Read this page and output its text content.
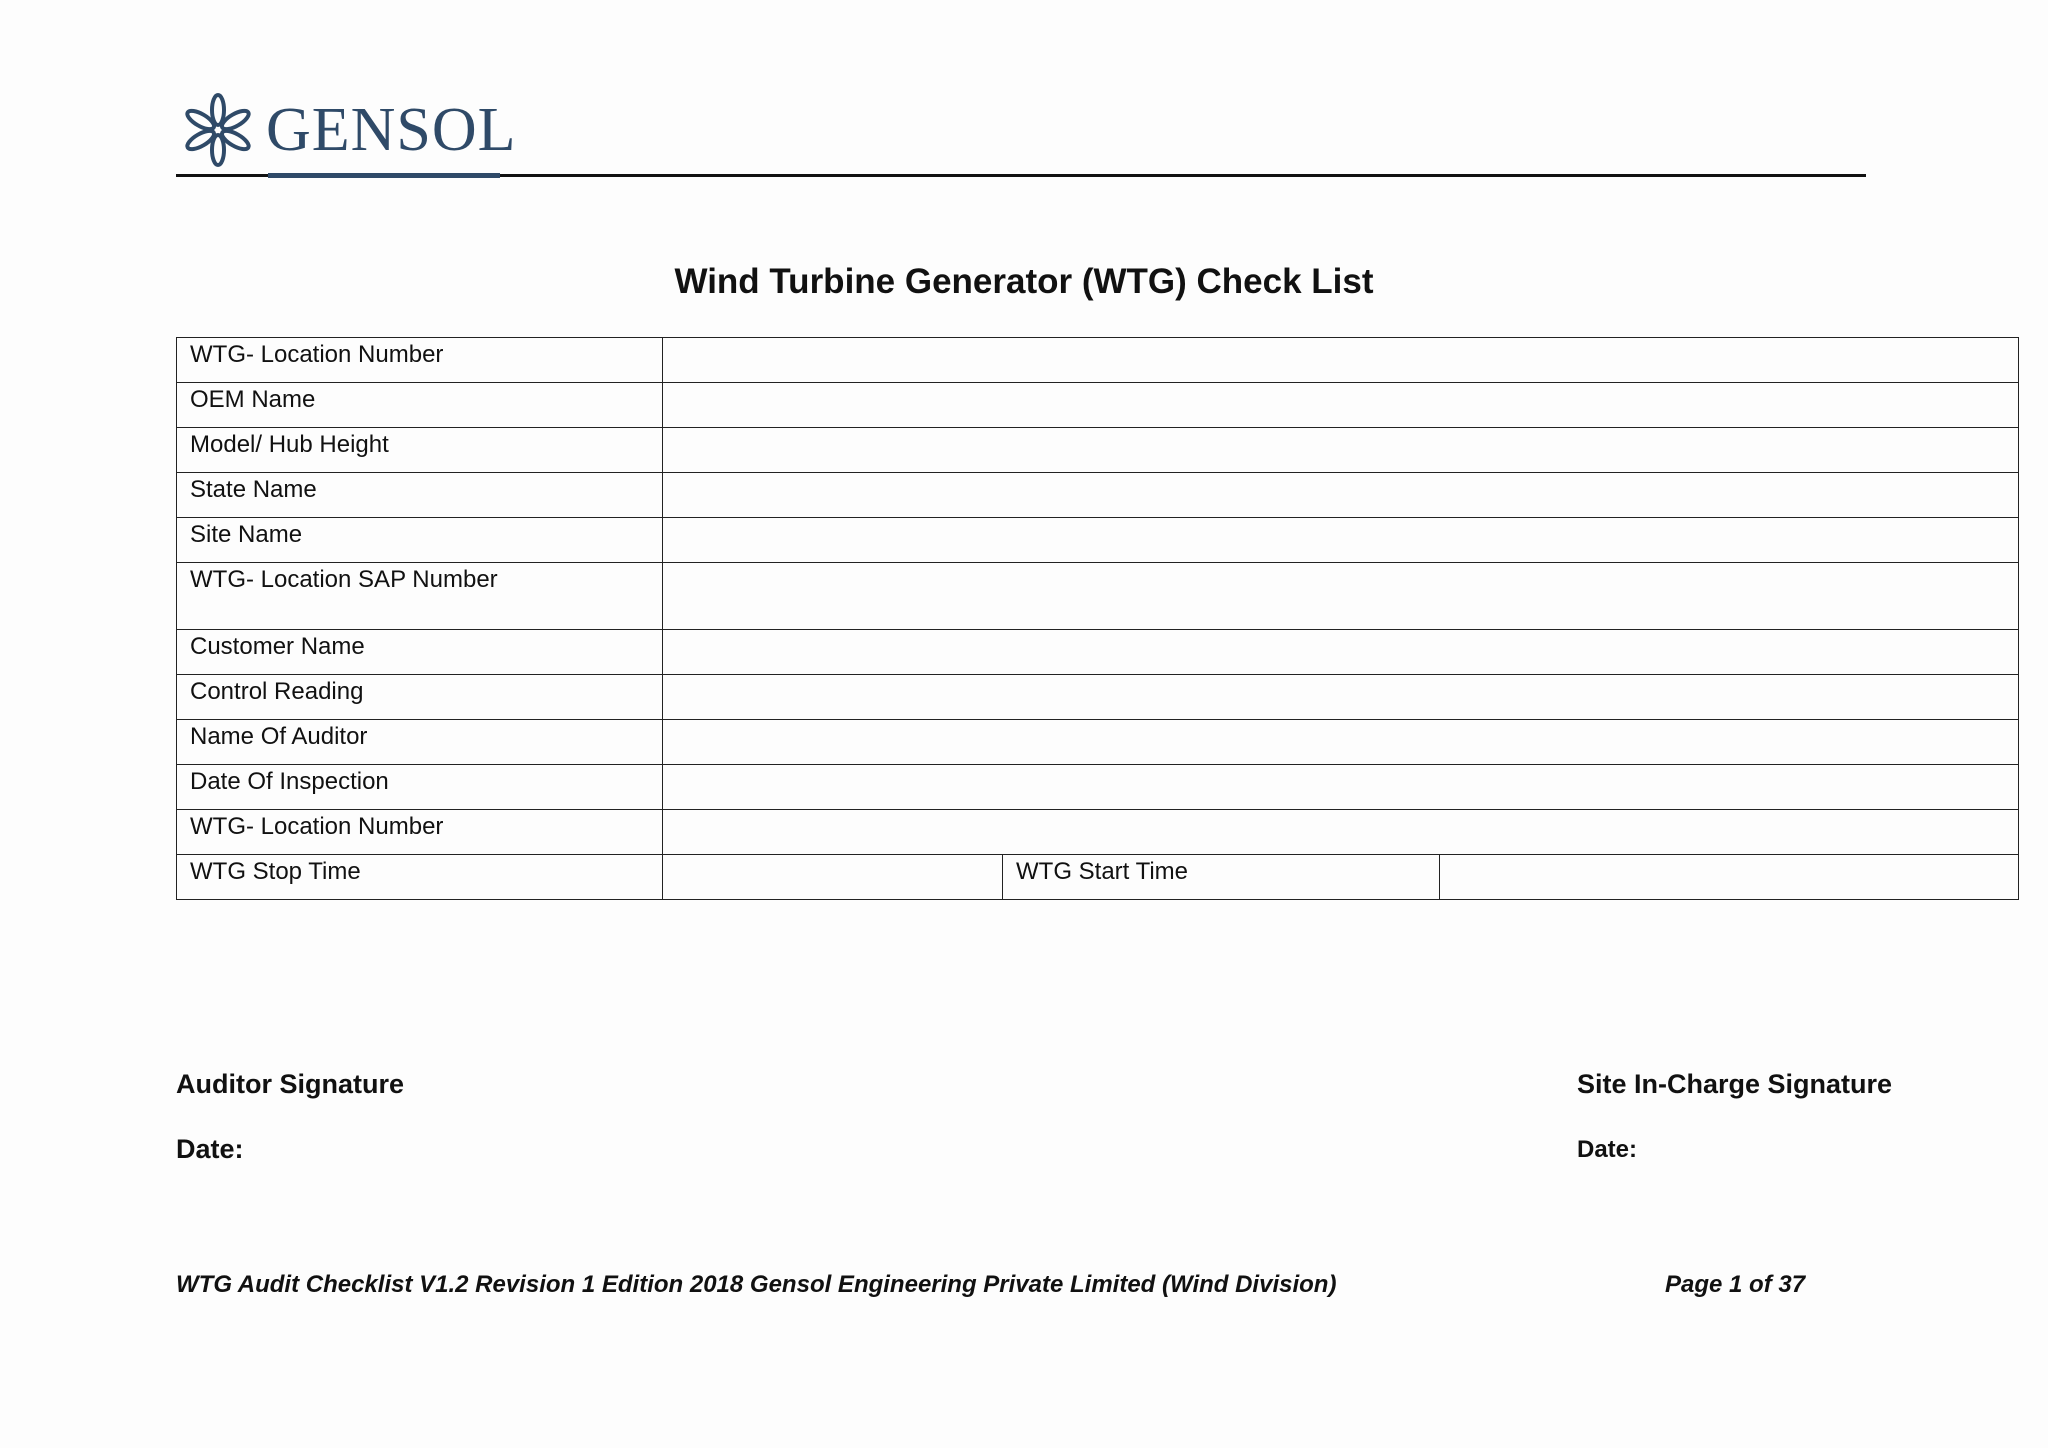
GENSOL
Wind Turbine Generator (WTG) Check List
WTG- Location Number			
OEM Name			
Model/ Hub Height			
State Name			
Site Name			
WTG- Location SAP Number			
Customer Name			
Control Reading			
Name Of Auditor			
Date Of Inspection			
WTG- Location Number			
WTG Stop Time		WTG Start Time	
Auditor Signature
Date:
Site In-Charge Signature
Date:
WTG Audit Checklist V1.2 Revision 1 Edition 2018 Gensol Engineering Private Limited (Wind Division)	Page 1 of 37
